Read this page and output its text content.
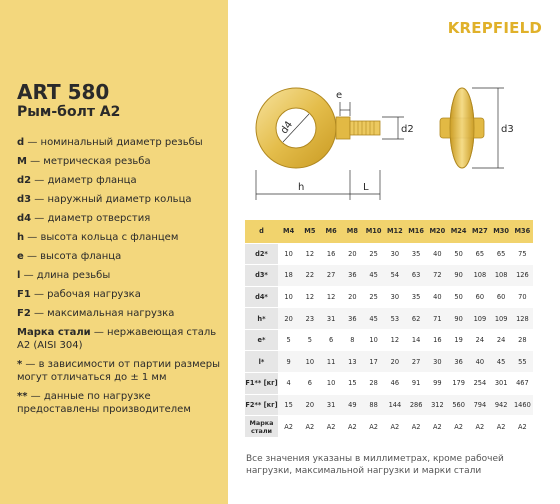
ART 580
Рым-болт А2
d — номинальный диаметр резьбы
M — метрическая резьба
d2 — диаметр фланца
d3 — наружный диаметр кольца
d4 — диаметр отверстия
h — высота кольца с фланцем
e — высота фланца
l — длина резьбы
F1 — рабочая нагрузка
F2 — максимальная нагрузка
Марка стали — нержавеющая сталь А2 (AISI 304)
* — в зависимости от партии размеры могут отличаться до ± 1 мм
** — данные по нагрузке предоставлены производителем
KREPFIELD
d4
e
d2	d3
h	L
d	M4	M5	M6	M8	M10	M12	M16	M20	M24	M27	M30	M36
d2*	10	12	16	20	25	30	35	40	50	65	65	75
d3*	18	22	27	36	45	54	63	72	90	108	108	126
d4*	10	12	12	20	25	30	35	40	50	60	60	70
h*	20	23	31	36	45	53	62	71	90	109	109	128
e*	5	5	6	8	10	12	14	16	19	24	24	28
l*	9	10	11	13	17	20	27	30	36	40	45	55
F1** [кг]	4	6	10	15	28	46	91	99	179	254	301	467
F2** [кг]	15	20	31	49	88	144	286	312	560	794	942	1460
Марка стали	A2	A2	A2	A2	A2	A2	A2	A2	A2	A2	A2	A2
Все значения указаны в миллиметрах, кроме рабочей нагрузки, максимальной нагрузки и марки стали
